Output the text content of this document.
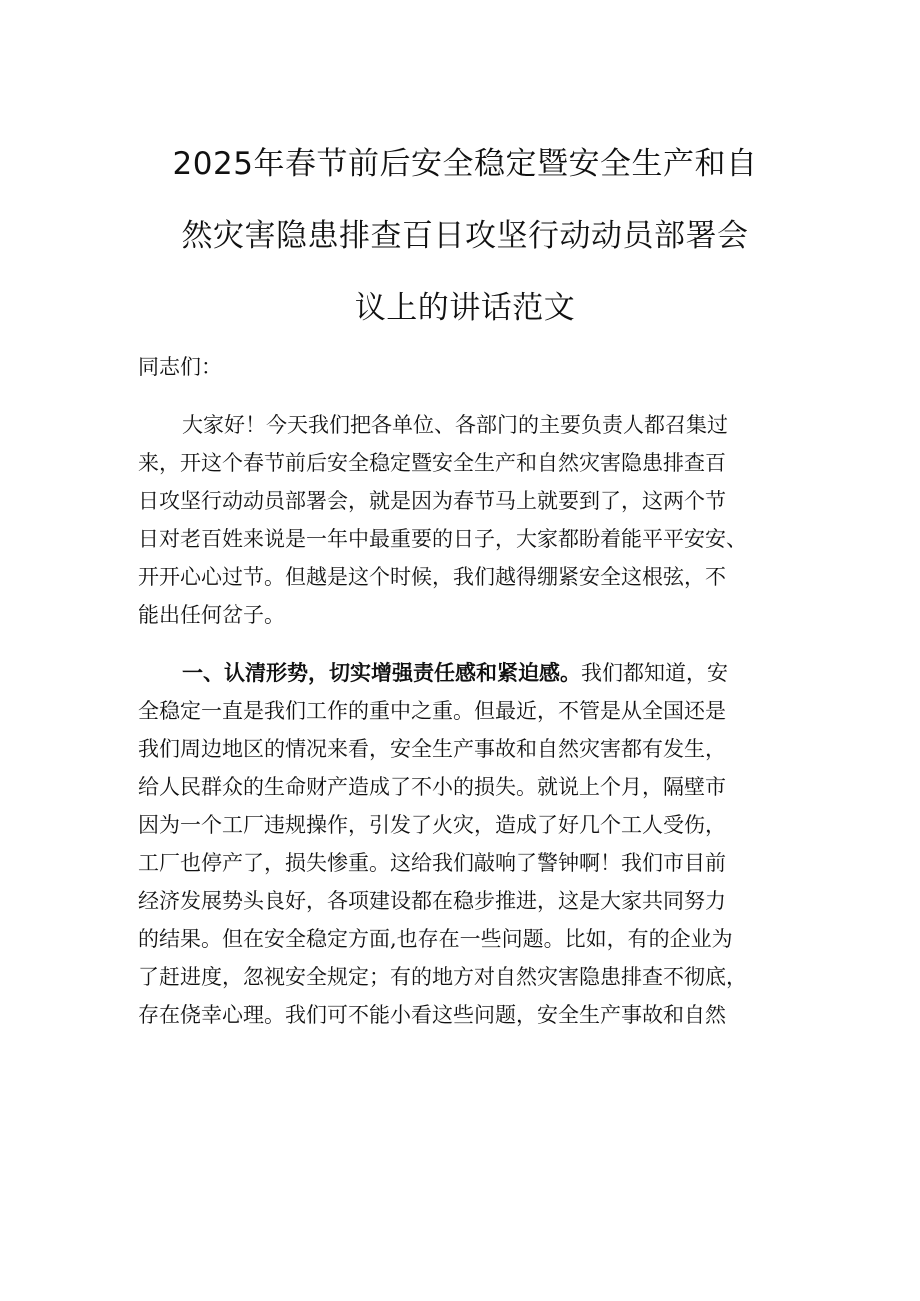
2025年春节前后安全稳定暨安全生产和自
然灾害隐患排查百日攻坚行动动员部署会
议上的讲话范文

同志们：

大家好！今天我们把各单位、各部门的主要负责人都召集过

来，开这个春节前后安全稳定暨安全生产和自然灾害隐患排查百

日攻坚行动动员部署会，就是因为春节马上就要到了，这两个节

日对老百姓来说是一年中最重要的日子，大家都盼着能平平安安、

开开心心过节。但越是这个时候，我们越得绷紧安全这根弦，不

能出任何岔子。

一、认清形势，切实增强责任感和紧迫感。我们都知道，安

全稳定一直是我们工作的重中之重。但最近，不管是从全国还是

我们周边地区的情况来看，安全生产事故和自然灾害都有发生，

给人民群众的生命财产造成了不小的损失。就说上个月，隔壁市

因为一个工厂违规操作，引发了火灾，造成了好几个工人受伤，

工厂也停产了，损失惨重。这给我们敲响了警钟啊！我们市目前

经济发展势头良好，各项建设都在稳步推进，这是大家共同努力

的结果。但在安全稳定方面,也存在一些问题。比如，有的企业为

了赶进度，忽视安全规定；有的地方对自然灾害隐患排查不彻底，

存在侥幸心理。我们可不能小看这些问题，安全生产事故和自然
